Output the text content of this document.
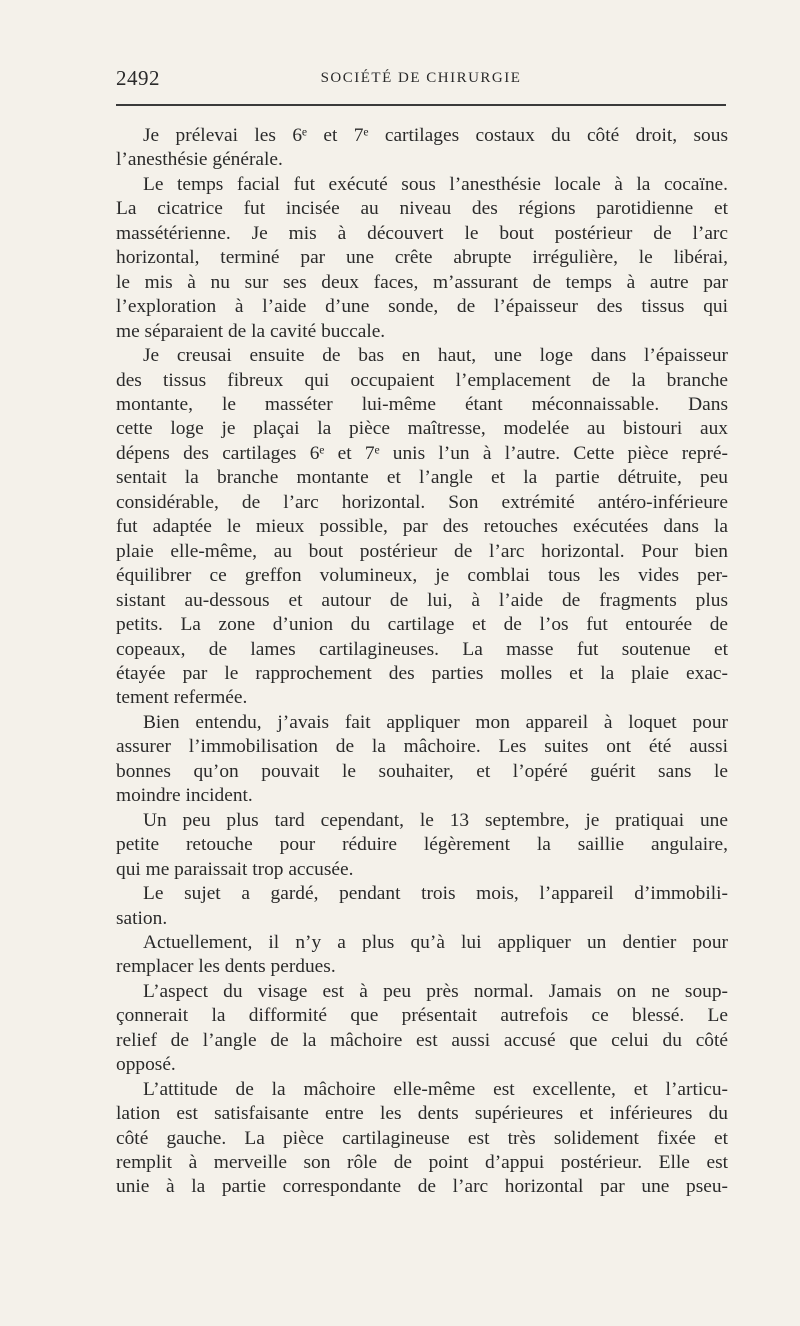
2492	SOCIÉTÉ DE CHIRURGIE

Je prélevai les 6ᵉ et 7ᵉ cartilages costaux du côté droit, sous
l’anesthésie générale.

Le temps facial fut exécuté sous l’anesthésie locale à la cocaïne.
La cicatrice fut incisée au niveau des régions parotidienne et
massétérienne. Je mis à découvert le bout postérieur de l’arc
horizontal, terminé par une crête abrupte irrégulière, le libérai,
le mis à nu sur ses deux faces, m’assurant de temps à autre par
l’exploration à l’aide d’une sonde, de l’épaisseur des tissus qui
me séparaient de la cavité buccale.

Je creusai ensuite de bas en haut, une loge dans l’épaisseur
des tissus fibreux qui occupaient l’emplacement de la branche
montante, le masséter lui-même étant méconnaissable. Dans
cette loge je plaçai la pièce maîtresse, modelée au bistouri aux
dépens des cartilages 6ᵉ et 7ᵉ unis l’un à l’autre. Cette pièce repré-
sentait la branche montante et l’angle et la partie détruite, peu
considérable, de l’arc horizontal. Son extrémité antéro-inférieure
fut adaptée le mieux possible, par des retouches exécutées dans la
plaie elle-même, au bout postérieur de l’arc horizontal. Pour bien
équilibrer ce greffon volumineux, je comblai tous les vides per-
sistant au-dessous et autour de lui, à l’aide de fragments plus
petits. La zone d’union du cartilage et de l’os fut entourée de
copeaux, de lames cartilagineuses. La masse fut soutenue et
étayée par le rapprochement des parties molles et la plaie exac-
tement refermée.

Bien entendu, j’avais fait appliquer mon appareil à loquet pour
assurer l’immobilisation de la mâchoire. Les suites ont été aussi
bonnes qu’on pouvait le souhaiter, et l’opéré guérit sans le
moindre incident.

Un peu plus tard cependant, le 13 septembre, je pratiquai une
petite retouche pour réduire légèrement la saillie angulaire,
qui me paraissait trop accusée.

Le sujet a gardé, pendant trois mois, l’appareil d’immobili-
sation.

Actuellement, il n’y a plus qu’à lui appliquer un dentier pour
remplacer les dents perdues.

L’aspect du visage est à peu près normal. Jamais on ne soup-
çonnerait la difformité que présentait autrefois ce blessé. Le
relief de l’angle de la mâchoire est aussi accusé que celui du côté
opposé.

L’attitude de la mâchoire elle-même est excellente, et l’articu-
lation est satisfaisante entre les dents supérieures et inférieures du
côté gauche. La pièce cartilagineuse est très solidement fixée et
remplit à merveille son rôle de point d’appui postérieur. Elle est
unie à la partie correspondante de l’arc horizontal par une pseu-
